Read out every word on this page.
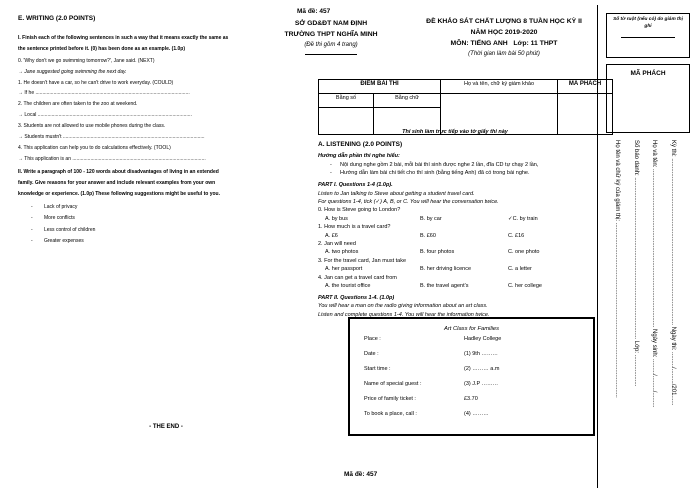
E. WRITING (2.0 POINTS)
I. Finish each of the following sentences in such a way that it means exactly the same as the sentence printed before it. (0) has been done as an example. (1.0p)
0. 'Why don't we go swimming tomorrow?', Jane said. (NEXT)
→ Jane suggested going swimming the next day.
1. He doesn't have a car, so he can't drive to work everyday. (COULD)
→ If he ...............................................................................................................
2. The children are often taken to the zoo at weekend.
→ Local ...............................................................................................................
3. Students are not allowed to use mobile phones during the class.
→ Students mustn't ......................................................................................................
4. This application can help you to do calculations effectively. (TOOL)
→ This application is an ................................................................................................
II. Write a paragraph of 100 - 120 words about disadvantages of living in an extended family. Give reasons for your answer and include relevant examples from your own knowledge or experience. (1.0p) These following suggestions might be useful to you.
-	Lack of privacy
-	More conflicts
-	Less control of children
-	Greater expenses
- THE END -
Mã đề: 457
SỞ GD&ĐT NAM ĐỊNH
TRƯỜNG THPT NGHĨA MINH
(Đề thi gồm 4 trang)
ĐỀ KHẢO SÁT CHẤT LƯỢNG 8 TUẦN HỌC KỲ II
NĂM HỌC 2019-2020
MÔN: TIẾNG ANH   Lớp: 11 THPT
(Thời gian làm bài 50 phút)
ĐIỂM BÀI THI		Họ và tên, chữ ký giám khảo	MÃ PHÁCH
Bằng số	Bằng chữ		

Thí sinh làm trực tiếp vào tờ giấy thi này
A. LISTENING (2.0 POINTS)
Hướng dẫn phần thi nghe hiểu:
-	Nội dung nghe gồm 2 bài, mỗi bài thí sinh được nghe 2 lần, đĩa CD tự chạy 2 lần,
-	Hướng dẫn làm bài chi tiết cho thí sinh (bằng tiếng Anh) đã có trong bài nghe.
PART I. Questions 1-4 (1.0p).
Listen to Jan talking to Steve about getting a student travel card.
For questions 1-4, tick (✓) A, B, or C. You will hear the conversation twice.
0. How is Steve going to London?
A. by bus	B. by car	✓C. by train
1. How much is a travel card?
A. £6	B. £60	C. £16
2. Jan will need
A. two photos	B. four photos	C. one photo
3. For the travel card, Jan must take
A. her passport	B. her driving licence	C. a letter
4. Jan can get a travel card from
A. the tourist office	B. the travel agent's	C. her college
PART II. Questions 1-4. (1.0p)
You will hear a man on the radio giving information about an art class.
Listen and complete questions 1-4. You will hear the information twice.
Art Class for Families
Place :	Hadley College
Date :	(1) 9th ………
Start time :	(2) ……… a.m
Name of special guest :	(3) J.P ………
Price of family ticket :	£3.70
To book a place, call :	(4) ………
Mã đề: 457
Số tờ ruột (nếu có) do giám thị ghi
MÃ PHÁCH
Kỳ thi: .................................................................................................... Ngày thi: ........./........./201......
Họ và tên: ............................................................................................... Ngày sinh: ........./........./.........
Số báo danh: ................................................................................................. Lớp: ...................
Họ tên và chữ ký của giám thị: .........................................................................................................
